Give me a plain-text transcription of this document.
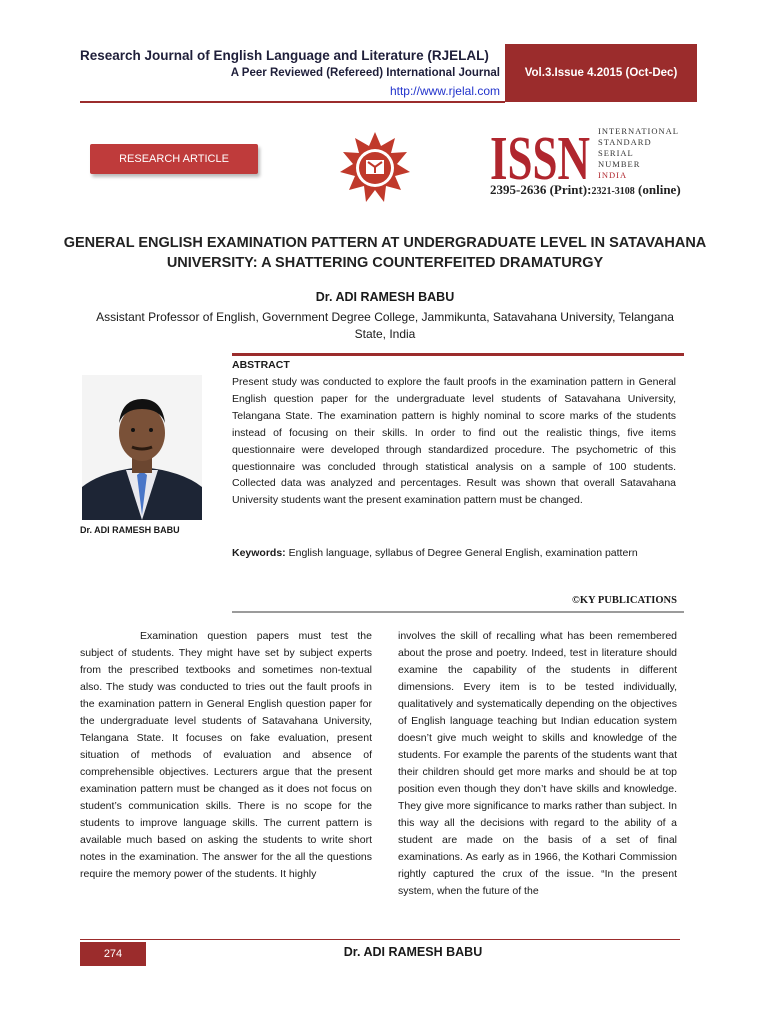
Research Journal of English Language and Literature (RJELAL)
A Peer Reviewed (Refereed) International Journal
http://www.rjelal.com
Vol.3.Issue 4.2015 (Oct-Dec)
RESEARCH ARTICLE	ISSN INTERNATIONAL
STANDARD
SERIAL
NUMBER
INDIA
2395-2636 (Print):2321-3108 (online)
GENERAL ENGLISH EXAMINATION PATTERN AT UNDERGRADUATE LEVEL IN SATAVAHANA UNIVERSITY: A SHATTERING COUNTERFEITED DRAMATURGY
Dr. ADI RAMESH BABU
Assistant Professor of English, Government Degree College, Jammikunta, Satavahana University, Telangana State, India
Dr. ADI RAMESH BABU
ABSTRACT
Present study was conducted to explore the fault proofs in the examination pattern in General English question paper for the undergraduate level students of Satavahana University, Telangana State. The examination pattern is highly nominal to score marks of the students instead of focusing on their skills. In order to find out the realistic things, five items questionnaire were developed through standardized procedure. The psychometric of this questionnaire was concluded through statistical analysis on a sample of 100 students. Collected data was analyzed and percentages. Result was shown that overall Satavahana University students want the present examination pattern must be changed.
Keywords: English language, syllabus of Degree General English, examination pattern
©KY PUBLICATIONS
Examination question papers must test the subject of students. They might have set by subject experts from the prescribed textbooks and sometimes non-textual also. The study was conducted to tries out the fault proofs in the examination pattern in General English question paper for the undergraduate level students of Satavahana University, Telangana State. It focuses on fake evaluation, present situation of methods of evaluation and absence of comprehensible objectives. Lecturers argue that the present examination pattern must be changed as it does not focus on student’s communication skills. There is no scope for the students to improve language skills. The current pattern is available much based on asking the students to write short notes in the examination. The answer for the all the questions require the memory power of the students. It highly
involves the skill of recalling what has been remembered about the prose and poetry. Indeed, test in literature should examine the capability of the students in different dimensions. Every item is to be tested individually, qualitatively and systematically depending on the objectives of English language teaching but Indian education system doesn’t give much weight to skills and knowledge of the students. For example the parents of the students want that their children should get more marks and should be at top position even though they don’t have skills and knowledge. They give more significance to marks rather than subject. In this way all the decisions with regard to the ability of a student are made on the basis of a set of final examinations. As early as in 1966, the Kothari Commission rightly captured the crux of the issue. “In the present system, when the future of the
274	Dr. ADI RAMESH BABU
